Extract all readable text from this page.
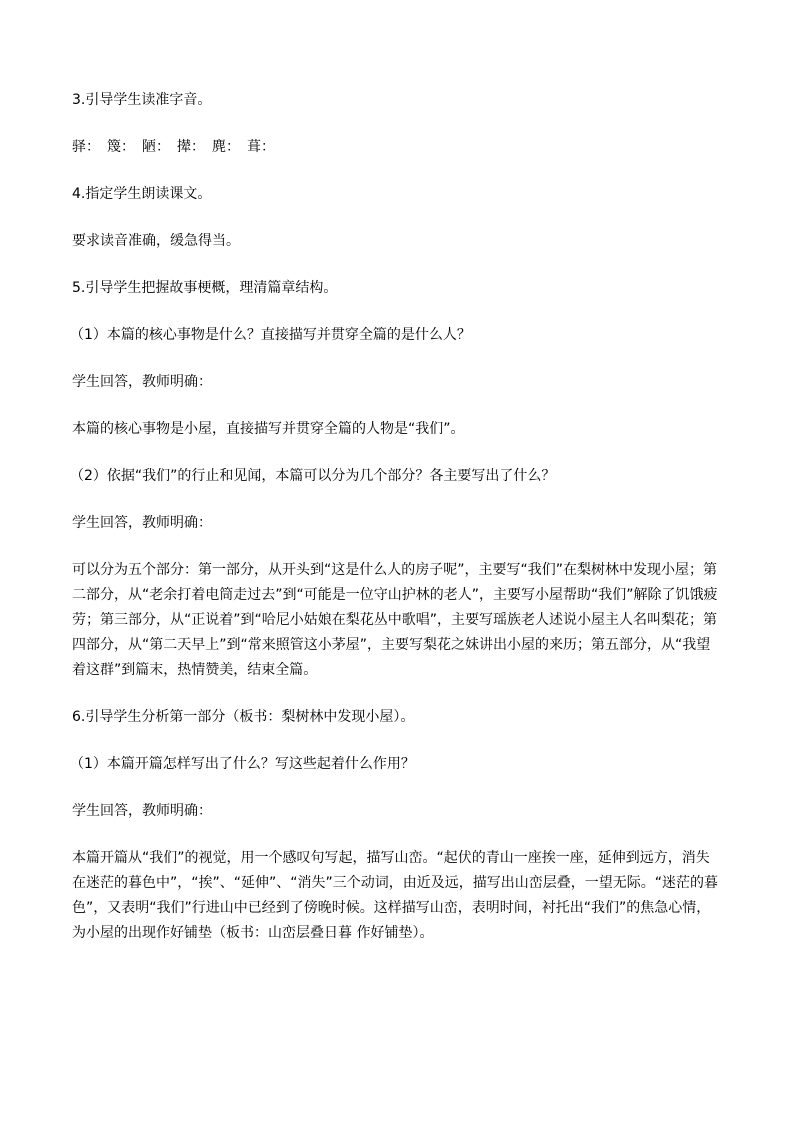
3.引导学生读准字音。

驿：　篾：　陋：　撵：　麂：　葺：

4.指定学生朗读课文。

要求读音准确，缓急得当。

5.引导学生把握故事梗概，理清篇章结构。

（1）本篇的核心事物是什么？直接描写并贯穿全篇的是什么人？

学生回答，教师明确：

本篇的核心事物是小屋，直接描写并贯穿全篇的人物是“我们”。

（2）依据“我们”的行止和见闻，本篇可以分为几个部分？各主要写出了什么？

学生回答，教师明确：

可以分为五个部分：第一部分，从开头到“这是什么人的房子呢”，主要写“我们”在梨树林中发现小屋；第二部分，从“老余打着电筒走过去”到“可能是一位守山护林的老人”，主要写小屋帮助“我们”解除了饥饿疲劳；第三部分，从“正说着”到“哈尼小姑娘在梨花丛中歌唱”，主要写瑶族老人述说小屋主人名叫梨花；第四部分，从“第二天早上”到“常来照管这小茅屋”，主要写梨花之妹讲出小屋的来历；第五部分，从“我望着这群”到篇末，热情赞美，结束全篇。

6.引导学生分析第一部分（板书：梨树林中发现小屋）。

（1）本篇开篇怎样写出了什么？写这些起着什么作用？

学生回答，教师明确：

本篇开篇从“我们”的视觉，用一个感叹句写起，描写山峦。“起伏的青山一座挨一座，延伸到远方，消失在迷茫的暮色中”，“挨”、“延伸”、“消失”三个动词，由近及远，描写出山峦层叠，一望无际。“迷茫的暮色”，又表明“我们”行进山中已经到了傍晚时候。这样描写山峦，表明时间，衬托出“我们”的焦急心情，为小屋的出现作好铺垫（板书：山峦层叠日暮 作好铺垫）。
